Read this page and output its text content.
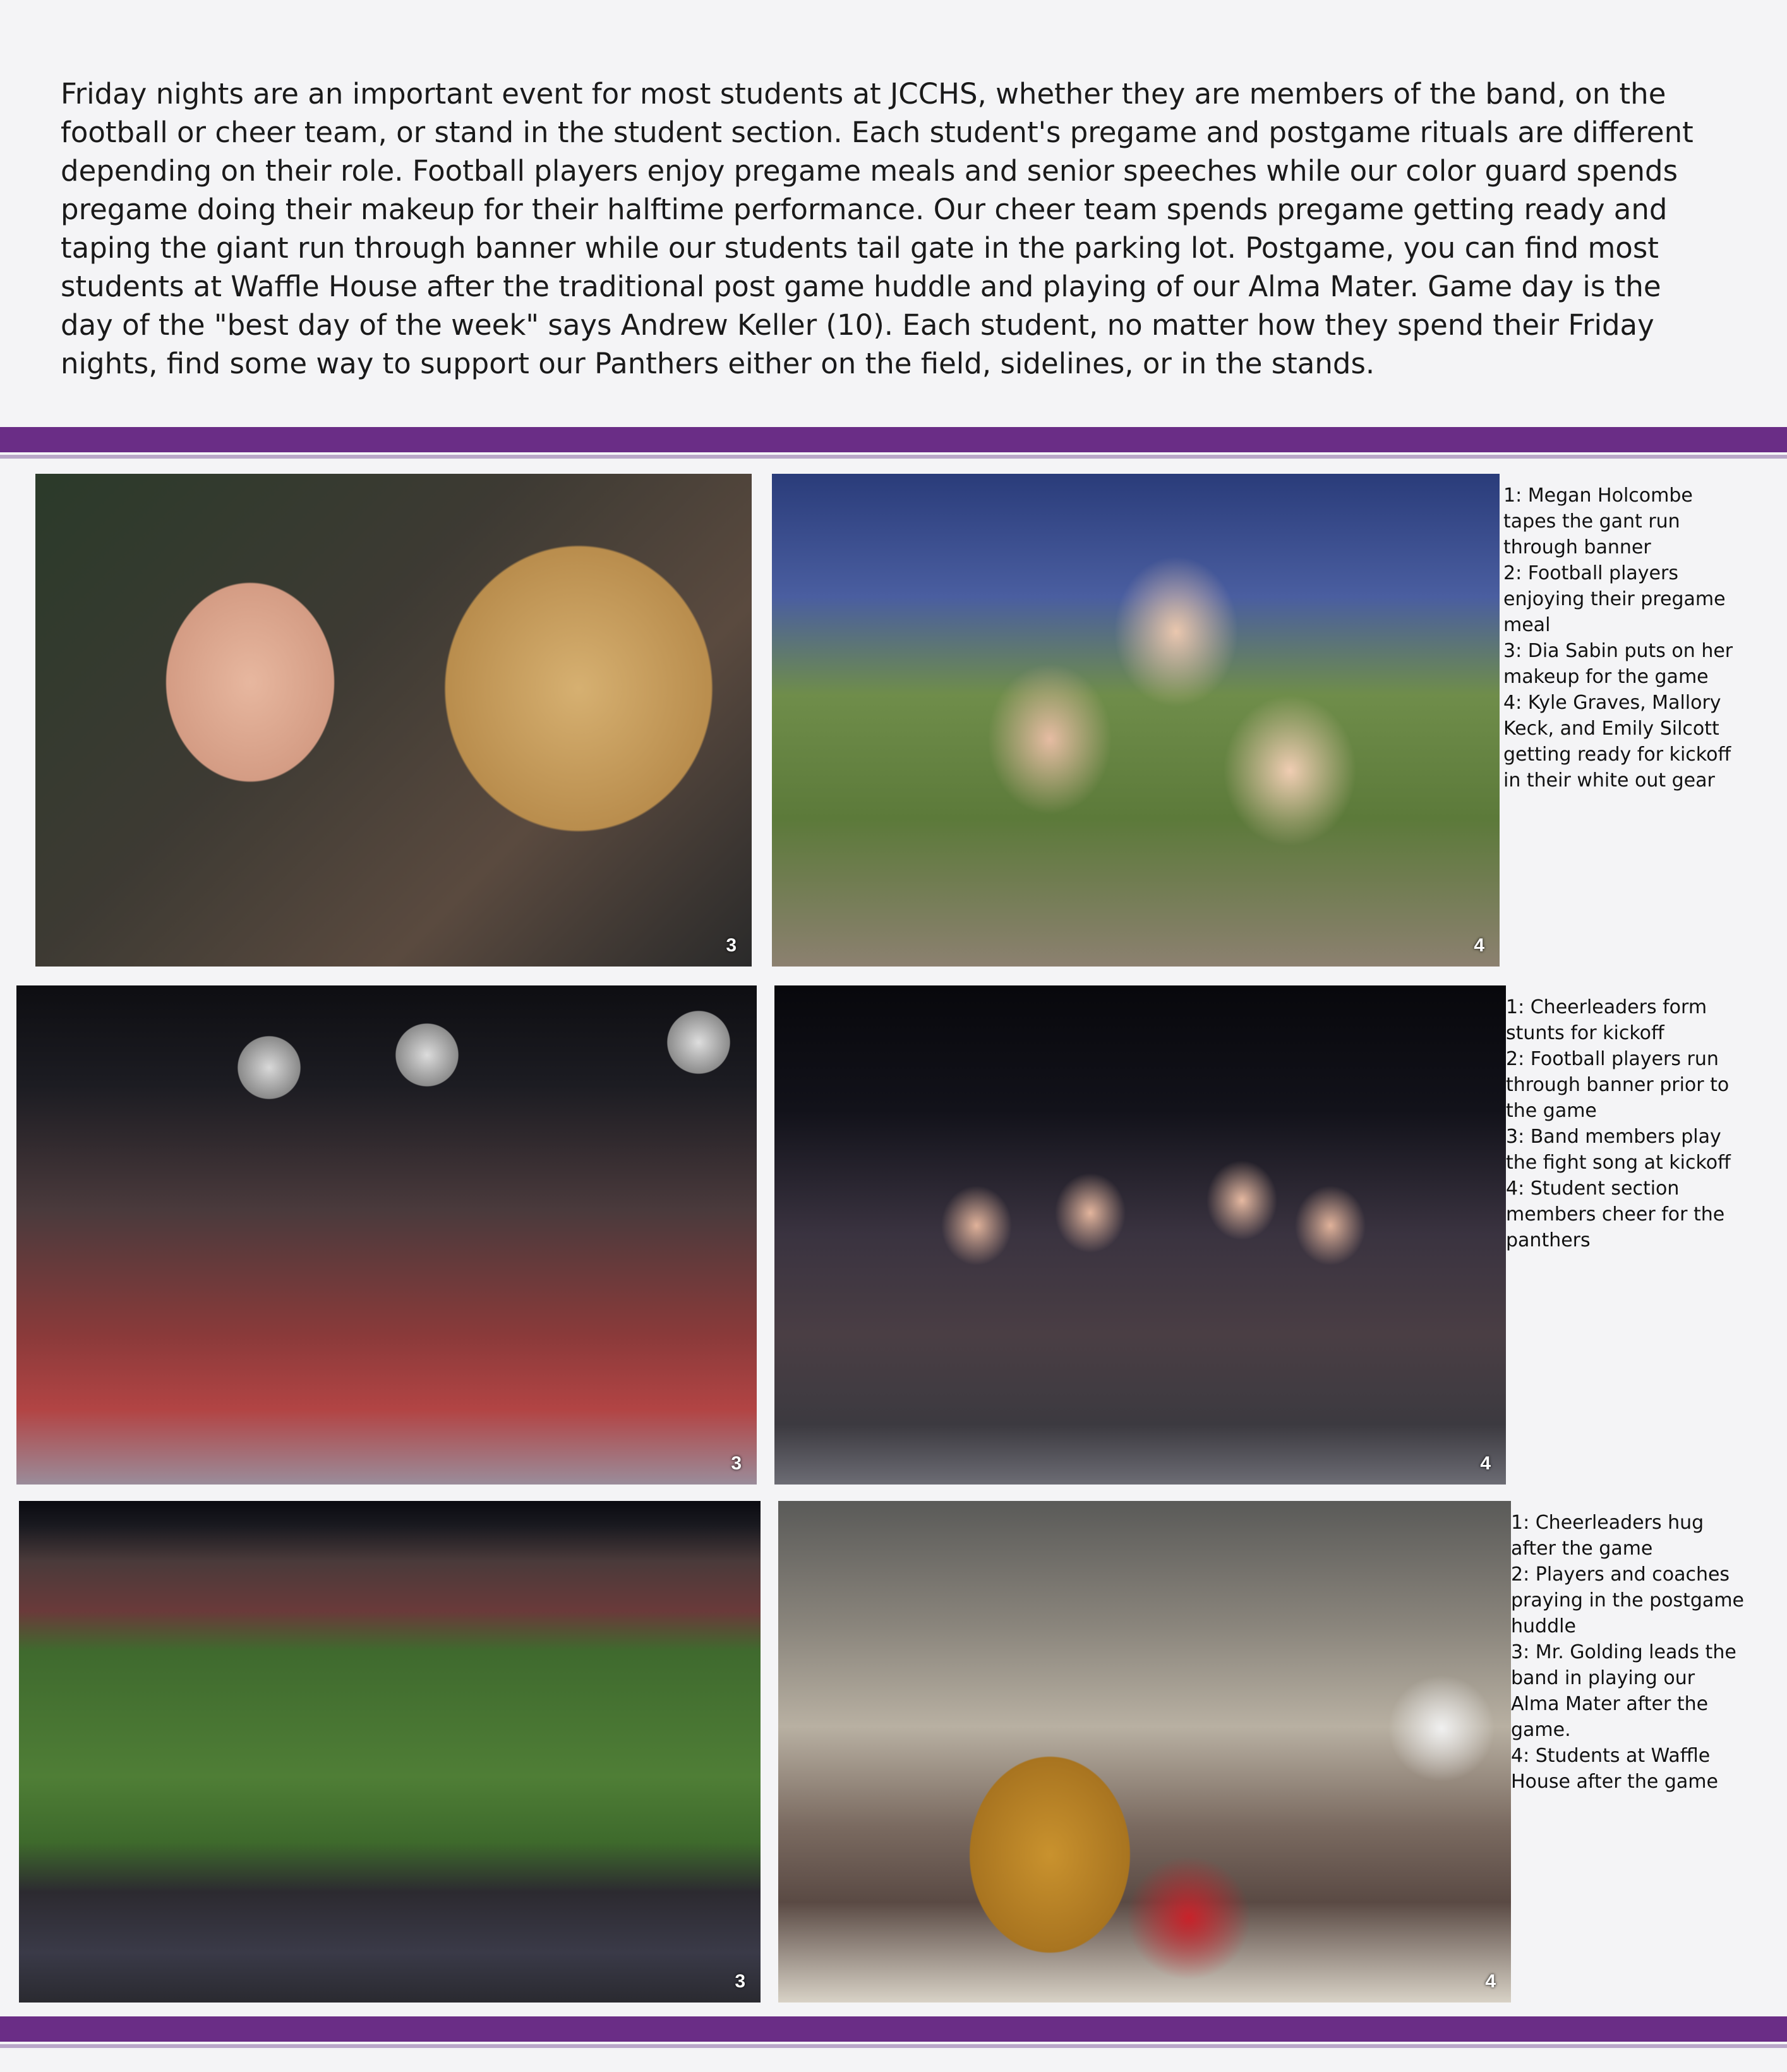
Friday nights are an important event for most students at JCCHS, whether they are members of the band, on the football or cheer team, or stand in the student section. Each student's pregame and postgame rituals are different depending on their role. Football players enjoy pregame meals and senior speeches while our color guard spends pregame doing their makeup for their halftime performance. Our cheer team spends pregame getting ready and taping the giant run through banner while our students tail gate in the parking lot. Postgame, you can find most students at Waffle House after the traditional post game huddle and playing of our Alma Mater. Game day is the day of the "best day of the week" says Andrew Keller (10). Each student, no matter how they spend their Friday nights, find some way to support our Panthers either on the field, sidelines, or in the stands.

3	4
1: Megan Holcombe tapes the gant run through banner
2: Football players enjoying their pregame meal
3: Dia Sabin puts on her makeup for the game
4: Kyle Graves, Mallory Keck, and Emily Silcott getting ready for kickoff in their white out gear
3	4
1: Cheerleaders form stunts for kickoff
2: Football players run through banner prior to the game
3: Band members play the fight song at kickoff
4: Student section members cheer for the panthers
3	4
1: Cheerleaders hug after the game
2: Players and coaches praying in the postgame huddle
3: Mr. Golding leads the band in playing our Alma Mater after the game.
4: Students at Waffle House after the game
